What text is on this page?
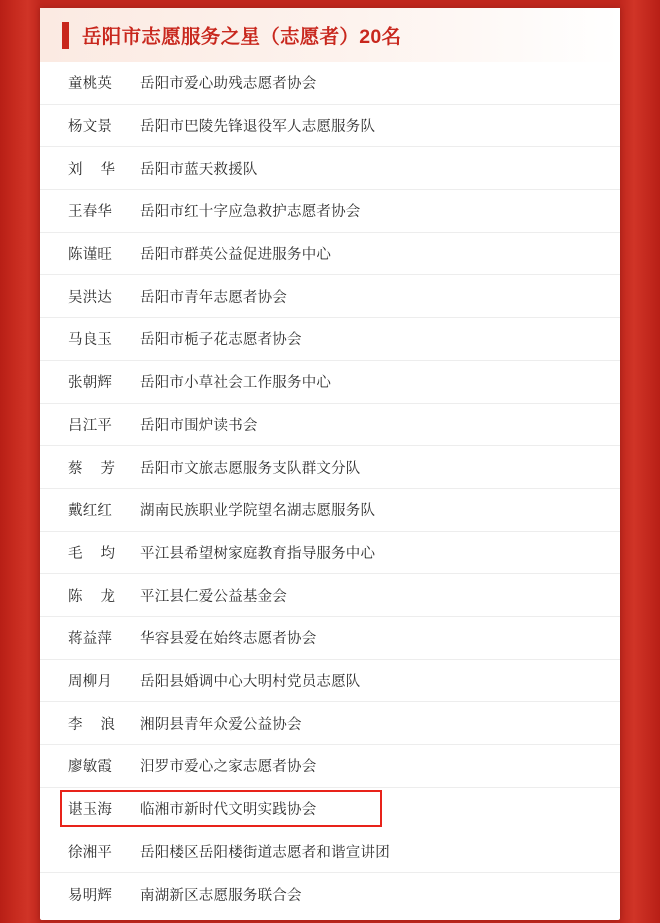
岳阳市志愿服务之星（志愿者）20名
童桃英	岳阳市爱心助残志愿者协会
杨文景	岳阳市巴陵先锋退役军人志愿服务队
刘 华	岳阳市蓝天救援队
王春华	岳阳市红十字应急救护志愿者协会
陈谨旺	岳阳市群英公益促进服务中心
吴洪达	岳阳市青年志愿者协会
马良玉	岳阳市栀子花志愿者协会
张朝辉	岳阳市小草社会工作服务中心
吕江平	岳阳市围炉读书会
蔡 芳	岳阳市文旅志愿服务支队群文分队
戴红红	湖南民族职业学院望名湖志愿服务队
毛 均	平江县希望树家庭教育指导服务中心
陈 龙	平江县仁爱公益基金会
蒋益萍	华容县爱在始终志愿者协会
周柳月	岳阳县婚调中心大明村党员志愿队
李 浪	湘阴县青年众爱公益协会
廖敏霞	汨罗市爱心之家志愿者协会
谌玉海	临湘市新时代文明实践协会
徐湘平	岳阳楼区岳阳楼街道志愿者和谐宣讲团
易明辉	南湖新区志愿服务联合会
